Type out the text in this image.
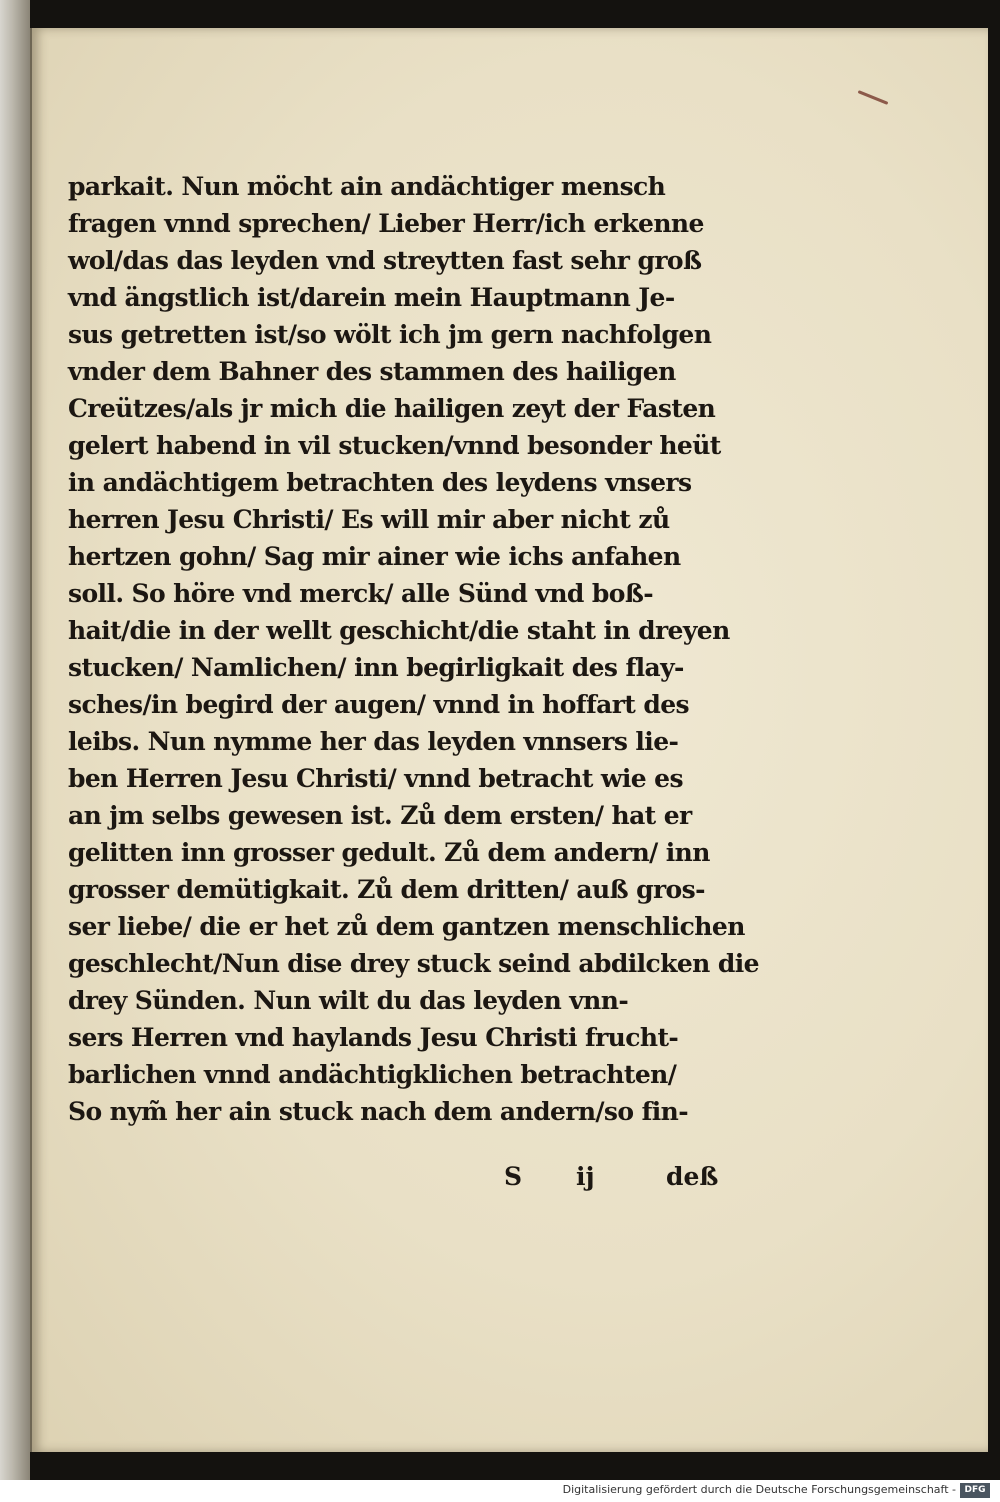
parkait. Nun möcht ain andächtiger mensch
fragen vnnd sprechen/ Lieber Herr/ich erkenne
wol/das das leyden vnd streytten fast sehr groß
vnd ängstlich ist/darein mein Hauptmann Je-
sus getretten ist/so wölt ich jm gern nachfolgen
vnder dem Bahner des stammen des hailigen
Creützes/als jr mich die hailigen zeyt der Fasten
gelert habend in vil stucken/vnnd besonder heüt
in andächtigem betrachten des leydens vnsers
herren Jesu Christi/ Es will mir aber nicht zů
hertzen gohn/ Sag mir ainer wie ichs anfahen
soll. So höre vnd merck/ alle Sünd vnd boß-
hait/die in der wellt geschicht/die staht in dreyen
stucken/ Namlichen/ inn begirligkait des flay-
sches/in begird der augen/ vnnd in hoffart des
leibs. Nun nymme her das leyden vnnsers lie-
ben Herren Jesu Christi/ vnnd betracht wie es
an jm selbs gewesen ist. Zů dem ersten/ hat er
gelitten inn grosser gedult. Zů dem andern/ inn
grosser demütigkait. Zů dem dritten/ auß gros-
ser liebe/ die er het zů dem gantzen menschlichen
geschlecht/Nun dise drey stuck seind abdilcken die
drey Sünden. Nun wilt du das leyden vnn-
sers Herren vnd haylands Jesu Christi frucht-
barlichen vnnd andächtigklichen betrachten/
So nym̃ her ain stuck nach dem andern/so fin-
S ij	deß
Digitalisierung gefördert durch die Deutsche Forschungsgemeinschaft - DFG
